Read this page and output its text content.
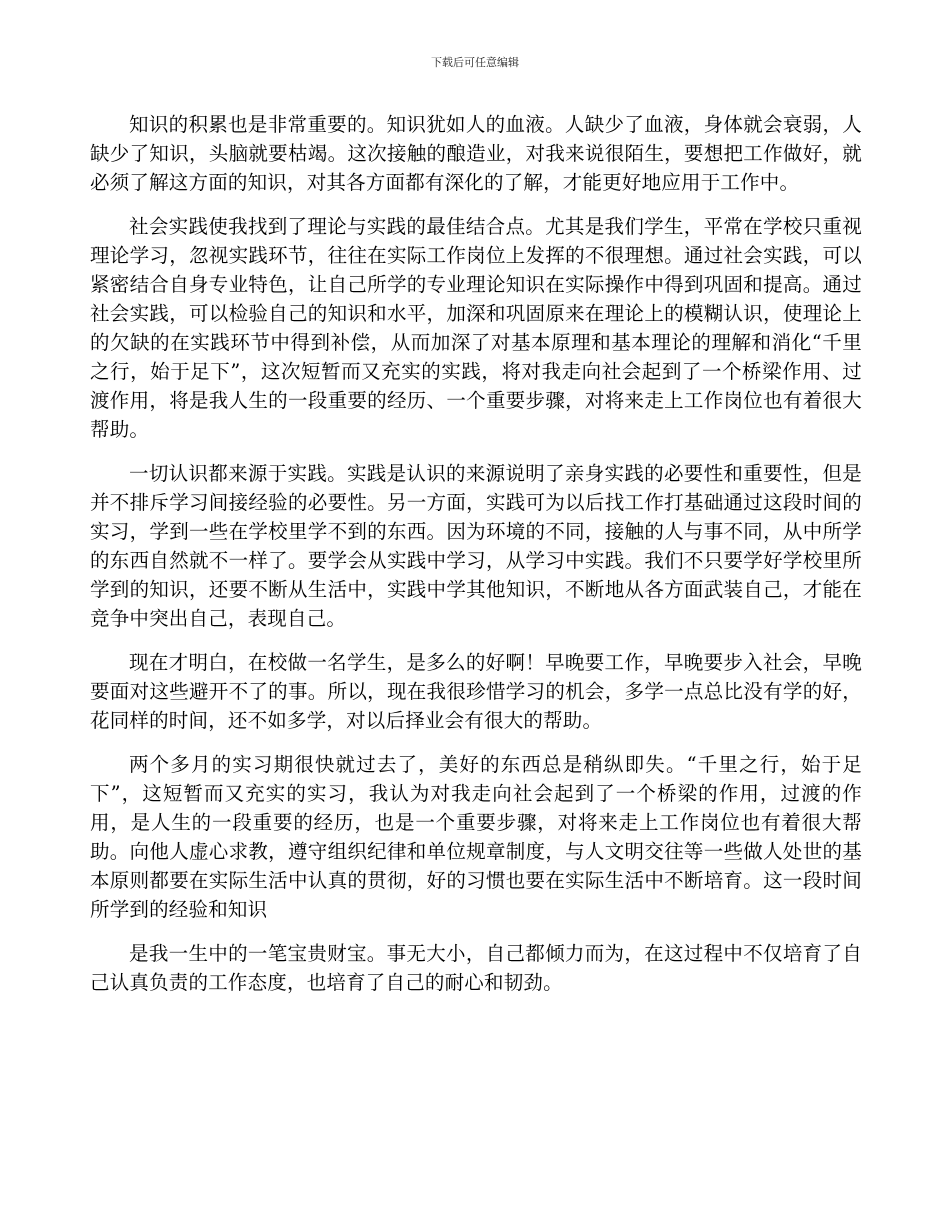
下载后可任意编辑

知识的积累也是非常重要的。知识犹如人的血液。人缺少了血液，身体就会衰弱，人缺少了知识，头脑就要枯竭。这次接触的酿造业，对我来说很陌生，要想把工作做好，就必须了解这方面的知识，对其各方面都有深化的了解，才能更好地应用于工作中。

社会实践使我找到了理论与实践的最佳结合点。尤其是我们学生，平常在学校只重视理论学习，忽视实践环节，往往在实际工作岗位上发挥的不很理想。通过社会实践，可以紧密结合自身专业特色，让自己所学的专业理论知识在实际操作中得到巩固和提高。通过社会实践，可以检验自己的知识和水平，加深和巩固原来在理论上的模糊认识，使理论上的欠缺的在实践环节中得到补偿，从而加深了对基本原理和基本理论的理解和消化“千里之行，始于足下”，这次短暂而又充实的实践，将对我走向社会起到了一个桥梁作用、过渡作用，将是我人生的一段重要的经历、一个重要步骤，对将来走上工作岗位也有着很大帮助。

一切认识都来源于实践。实践是认识的来源说明了亲身实践的必要性和重要性，但是并不排斥学习间接经验的必要性。另一方面，实践可为以后找工作打基础通过这段时间的实习，学到一些在学校里学不到的东西。因为环境的不同，接触的人与事不同，从中所学的东西自然就不一样了。要学会从实践中学习，从学习中实践。我们不只要学好学校里所学到的知识，还要不断从生活中，实践中学其他知识，不断地从各方面武装自己，才能在竞争中突出自己，表现自己。

现在才明白，在校做一名学生，是多么的好啊！早晚要工作，早晚要步入社会，早晚要面对这些避开不了的事。所以，现在我很珍惜学习的机会，多学一点总比没有学的好，花同样的时间，还不如多学，对以后择业会有很大的帮助。

两个多月的实习期很快就过去了，美好的东西总是稍纵即失。“千里之行，始于足下”，这短暂而又充实的实习，我认为对我走向社会起到了一个桥梁的作用，过渡的作用，是人生的一段重要的经历，也是一个重要步骤，对将来走上工作岗位也有着很大帮助。向他人虚心求教，遵守组织纪律和单位规章制度，与人文明交往等一些做人处世的基本原则都要在实际生活中认真的贯彻，好的习惯也要在实际生活中不断培育。这一段时间所学到的经验和知识

是我一生中的一笔宝贵财宝。事无大小，自己都倾力而为，在这过程中不仅培育了自己认真负责的工作态度，也培育了自己的耐心和韧劲。
